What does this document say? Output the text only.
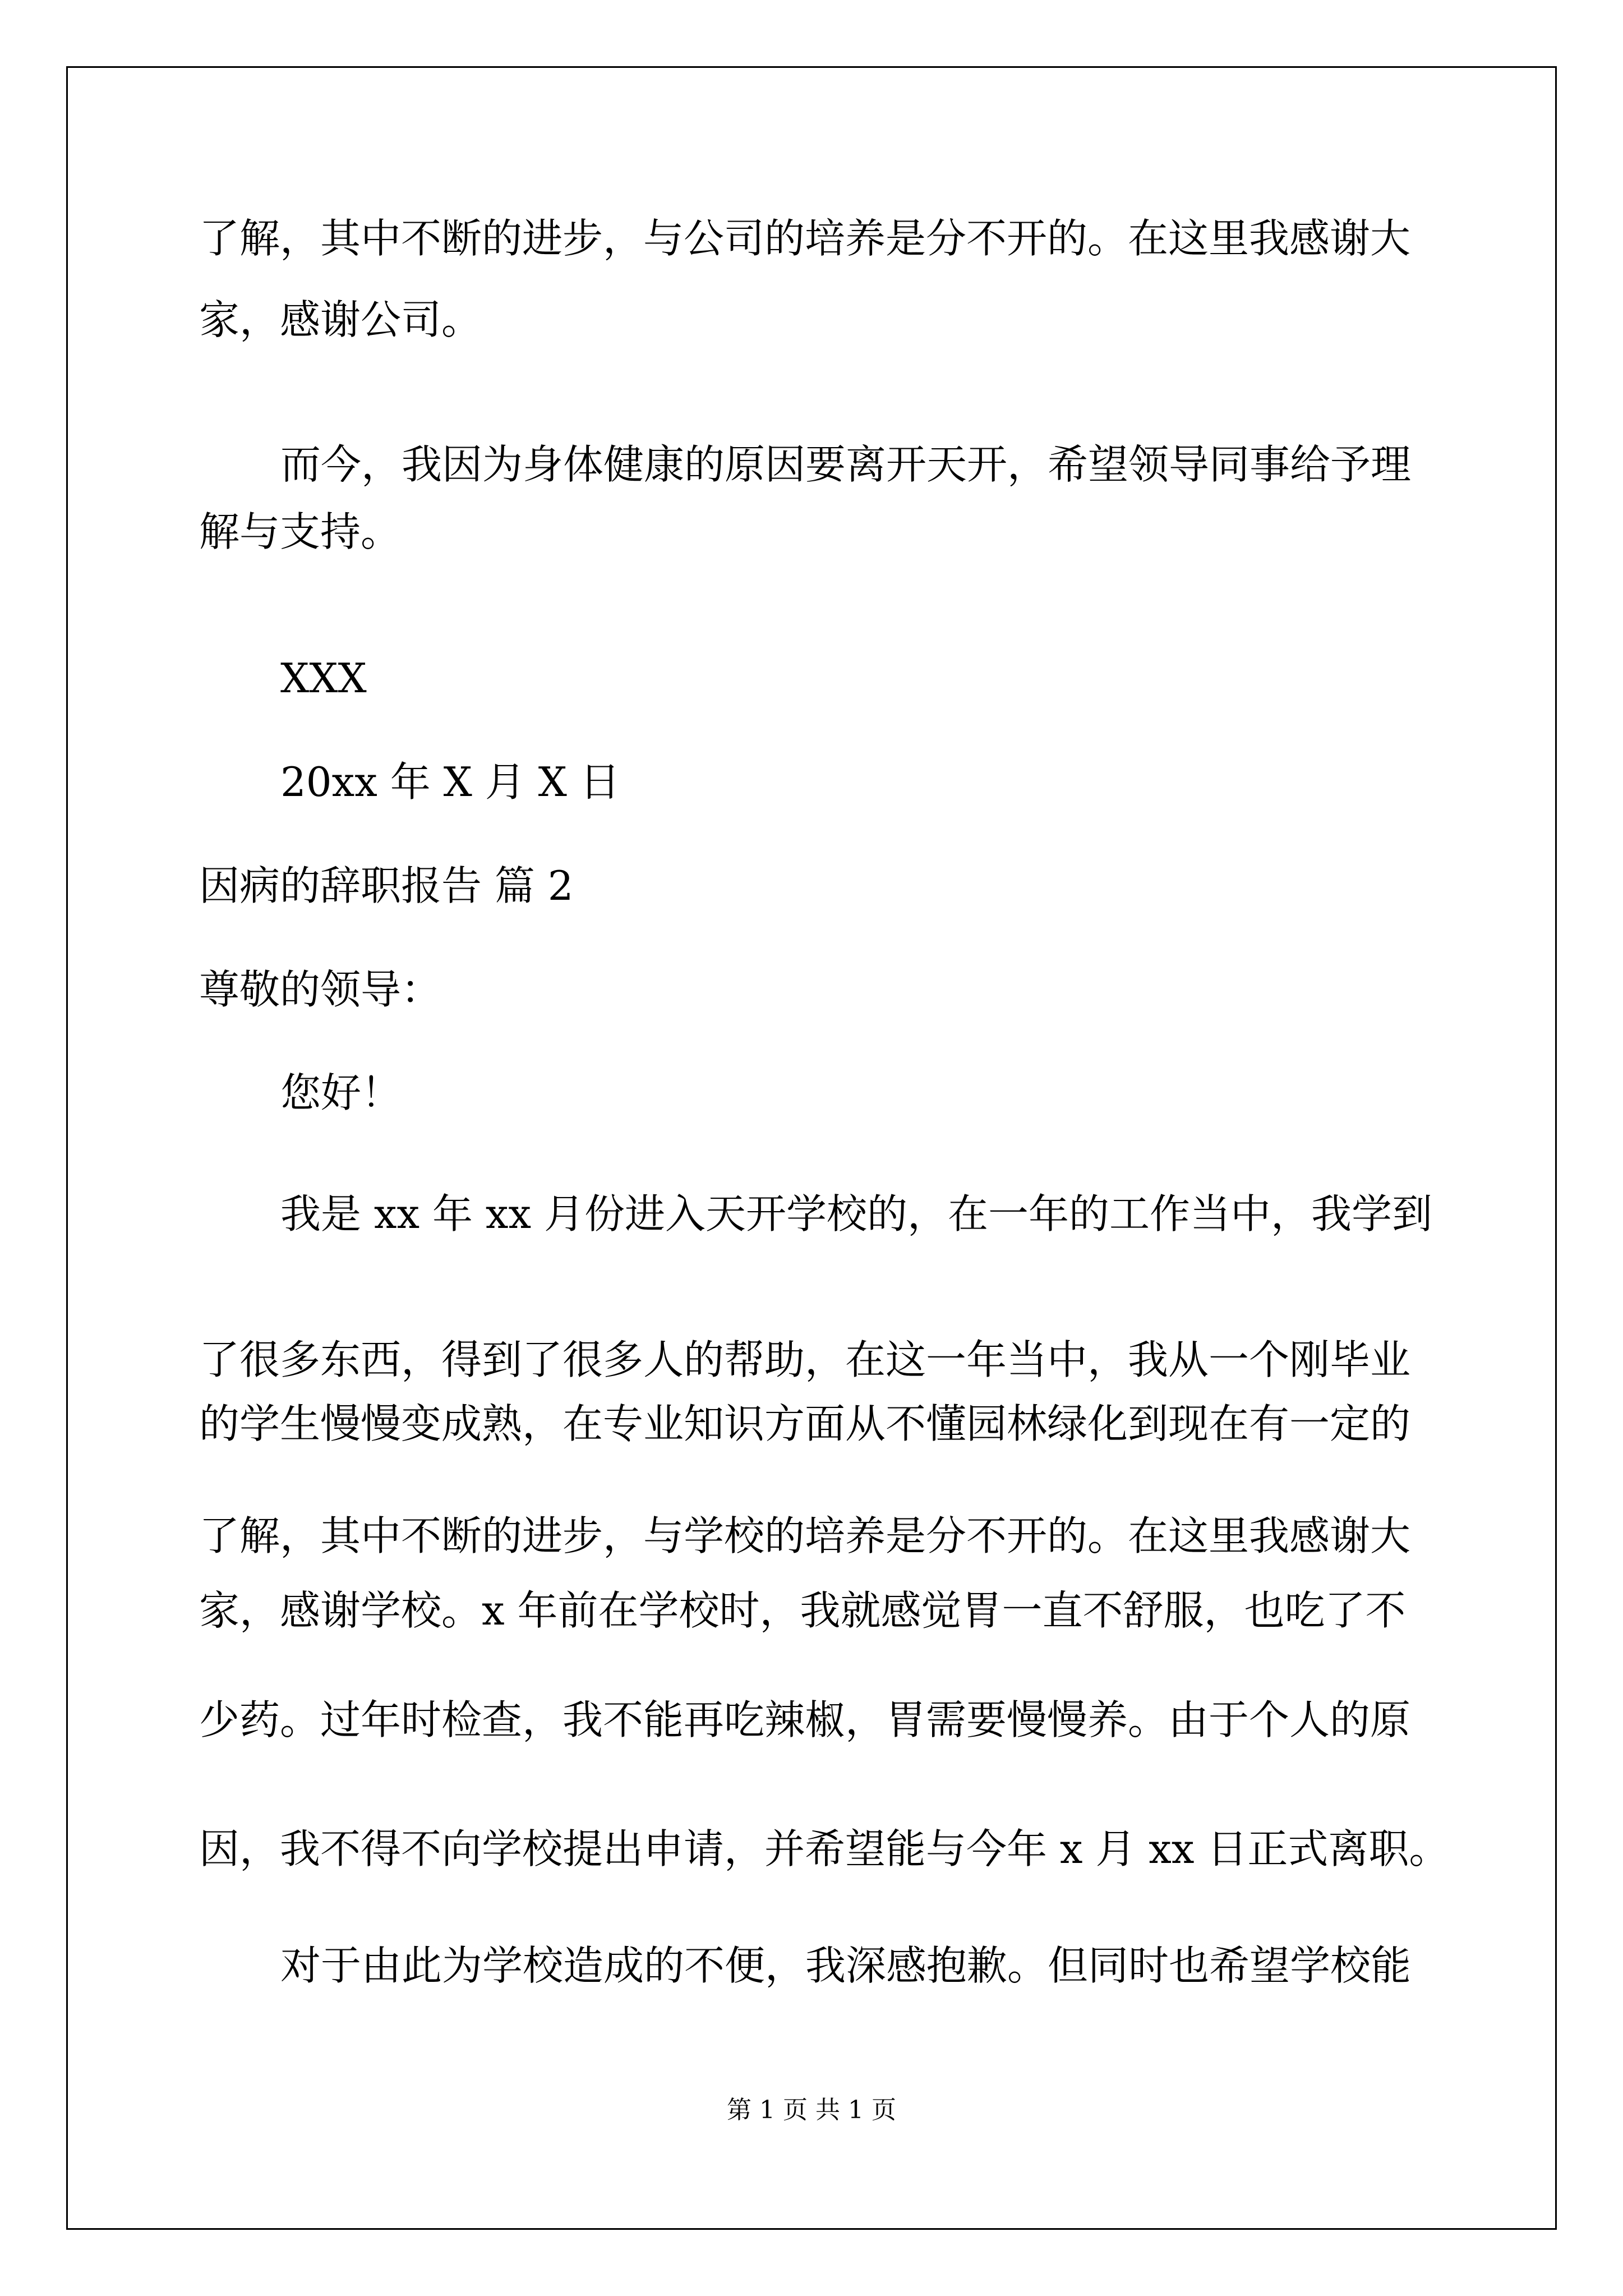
了解，其中不断的进步，与公司的培养是分不开的。在这里我感谢大
家，感谢公司。
而今，我因为身体健康的原因要离开天开，希望领导同事给予理
解与支持。
XXX
20xx 年 X 月 X 日
因病的辞职报告 篇 2
尊敬的领导：
您好！
我是 xx 年 xx 月份进入天开学校的，在一年的工作当中，我学到
了很多东西，得到了很多人的帮助，在这一年当中，我从一个刚毕业
的学生慢慢变成熟，在专业知识方面从不懂园林绿化到现在有一定的
了解，其中不断的进步，与学校的培养是分不开的。在这里我感谢大
家，感谢学校。x 年前在学校时，我就感觉胃一直不舒服，也吃了不
少药。过年时检查，我不能再吃辣椒，胃需要慢慢养。由于个人的原
因，我不得不向学校提出申请，并希望能与今年 x 月 xx 日正式离职。
对于由此为学校造成的不便，我深感抱歉。但同时也希望学校能
第 1 页 共 1 页
